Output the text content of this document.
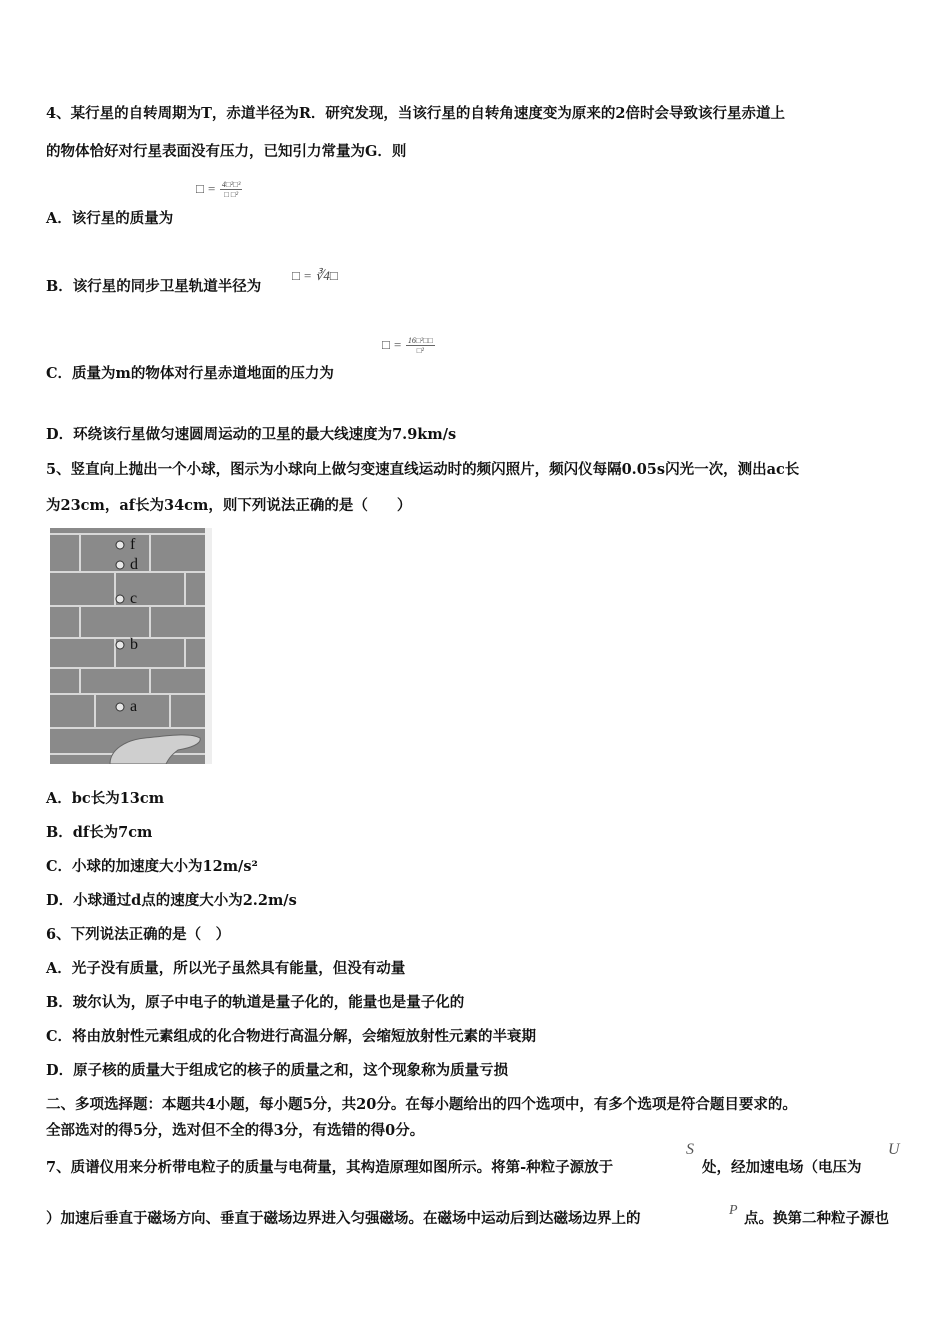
4、某行星的自转周期为T，赤道半径为R．研究发现，当该行星的自转角速度变为原来的2倍时会导致该行星赤道上
的物体恰好对行星表面没有压力，已知引力常量为G．则
A．该行星的质量为
□ = $\frac{\text{4□²□³}}{\text{□ □²}}$
B．该行星的同步卫星轨道半径为
□ = ∛4□
C．质量为m的物体对行星赤道地面的压力为
□ = $\frac{\text{16□²□□}}{\text{□²}}$
D．环绕该行星做匀速圆周运动的卫星的最大线速度为7.9km/s
5、竖直向上抛出一个小球，图示为小球向上做匀变速直线运动时的频闪照片，频闪仪每隔0.05s闪光一次，测出ac长
为23cm，af长为34cm，则下列说法正确的是（　　）
f
d
c
b
a
A．bc长为13cm
B．df长为7cm
C．小球的加速度大小为12m/s²
D．小球通过d点的速度大小为2.2m/s
6、下列说法正确的是（　）
A．光子没有质量，所以光子虽然具有能量，但没有动量
B．玻尔认为，原子中电子的轨道是量子化的，能量也是量子化的
C．将由放射性元素组成的化合物进行高温分解，会缩短放射性元素的半衰期
D．原子核的质量大于组成它的核子的质量之和，这个现象称为质量亏损
二、多项选择题：本题共4小题，每小题5分，共20分。在每小题给出的四个选项中，有多个选项是符合题目要求的。
全部选对的得5分，选对但不全的得3分，有选错的得0分。
7、质谱仪用来分析带电粒子的质量与电荷量，其构造原理如图所示。将第-种粒子源放于
S
处，经加速电场（电压为
U
）加速后垂直于磁场方向、垂直于磁场边界进入匀强磁场。在磁场中运动后到达磁场边界上的	P 点。换第二种粒子源也
